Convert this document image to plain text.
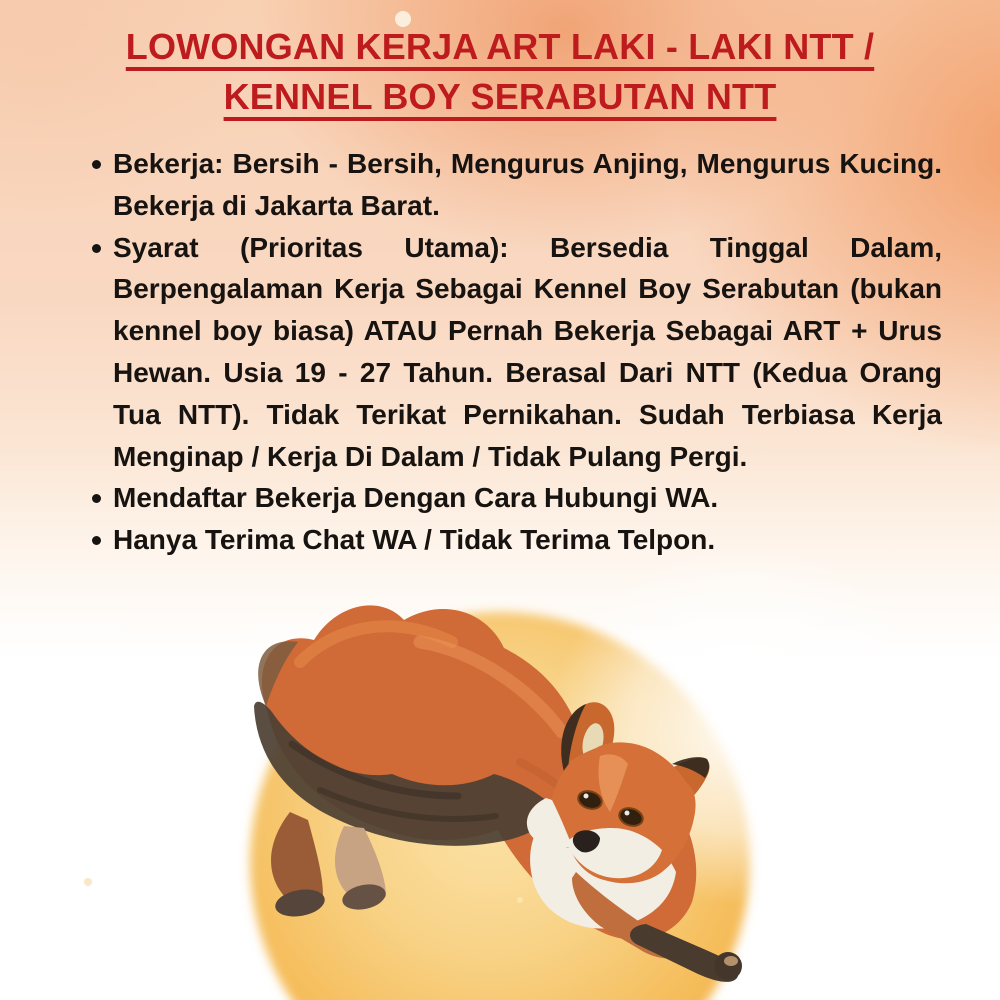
LOWONGAN KERJA ART LAKI - LAKI NTT /
KENNEL BOY SERABUTAN NTT
Bekerja: Bersih - Bersih, Mengurus Anjing, Mengurus Kucing. Bekerja di Jakarta Barat.
Syarat (Prioritas Utama): Bersedia Tinggal Dalam, Berpengalaman Kerja Sebagai Kennel Boy Serabutan (bukan kennel boy biasa) ATAU Pernah Bekerja Sebagai ART + Urus Hewan. Usia 19 - 27 Tahun. Berasal Dari NTT (Kedua Orang Tua NTT). Tidak Terikat Pernikahan. Sudah Terbiasa Kerja Menginap / Kerja Di Dalam / Tidak Pulang Pergi.
Mendaftar Bekerja Dengan Cara Hubungi WA.
Hanya Terima Chat WA / Tidak Terima Telpon.
